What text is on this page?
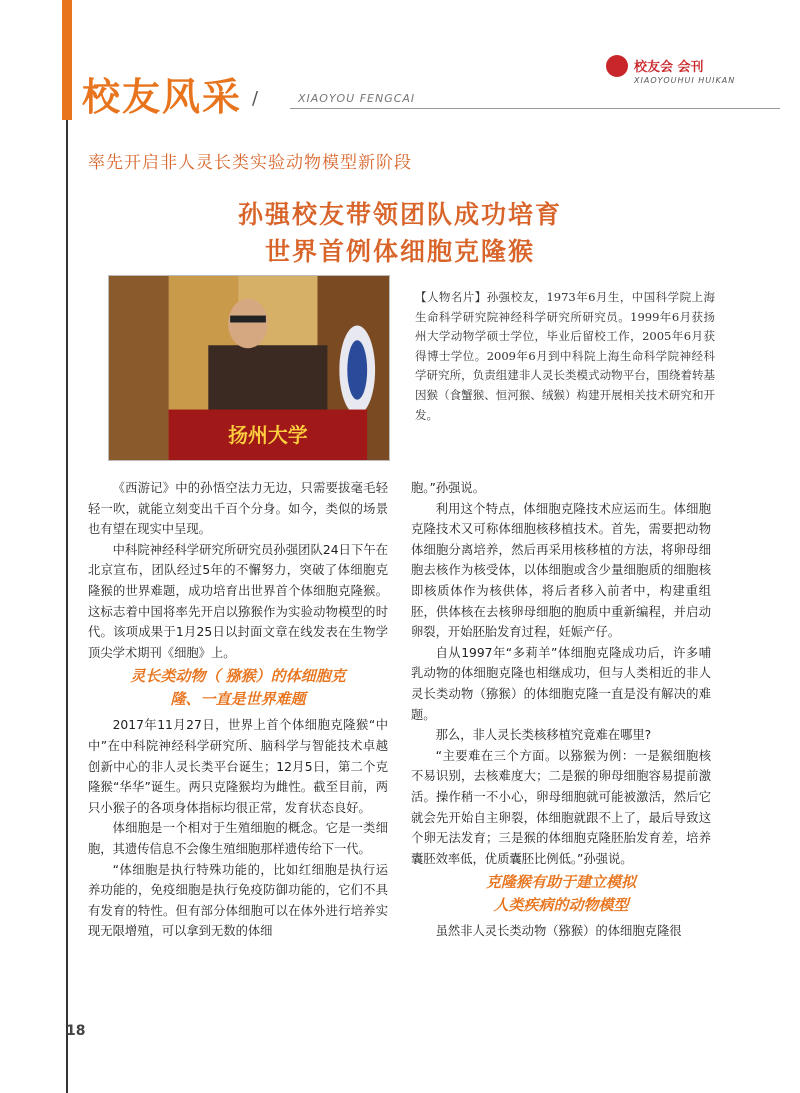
校友风采 /	XIAOYOU FENGCAI
校友会 会刊
XIAOYOUHUI HUIKAN
率先开启非人灵长类实验动物模型新阶段
孙强校友带领团队成功培育
世界首例体细胞克隆猴
扬州大学
【人物名片】孙强校友，1973年6月生，中国科学院上海生命科学研究院神经科学研究所研究员。1999年6月获扬州大学动物学硕士学位，毕业后留校工作，2005年6月获得博士学位。2009年6月到中科院上海生命科学院神经科学研究所，负责组建非人灵长类模式动物平台，围绕着转基因猴（食蟹猴、恒河猴、绒猴）构建开展相关技术研究和开发。

《西游记》中的孙悟空法力无边，只需要拔毫毛轻轻一吹，就能立刻变出千百个分身。如今，类似的场景也有望在现实中呈现。

中科院神经科学研究所研究员孙强团队24日下午在北京宣布，团队经过5年的不懈努力，突破了体细胞克隆猴的世界难题，成功培育出世界首个体细胞克隆猴。这标志着中国将率先开启以猕猴作为实验动物模型的时代。该项成果于1月25日以封面文章在线发表在生物学顶尖学术期刊《细胞》上。

灵长类动物（ 猕猴）的体细胞克
隆、一直是世界难题

2017年11月27日，世界上首个体细胞克隆猴“中中”在中科院神经科学研究所、脑科学与智能技术卓越创新中心的非人灵长类平台诞生；12月5日，第二个克隆猴“华华”诞生。两只克隆猴均为雌性。截至目前，两只小猴子的各项身体指标均很正常，发育状态良好。

体细胞是一个相对于生殖细胞的概念。它是一类细胞，其遗传信息不会像生殖细胞那样遗传给下一代。

“体细胞是执行特殊功能的，比如红细胞是执行运养功能的，免疫细胞是执行免疫防御功能的，它们不具有发育的特性。但有部分体细胞可以在体外进行培养实现无限增殖，可以拿到无数的体细

胞。”孙强说。

利用这个特点，体细胞克隆技术应运而生。体细胞克隆技术又可称体细胞核移植技术。首先，需要把动物体细胞分离培养，然后再采用核移植的方法，将卵母细胞去核作为核受体，以体细胞或含少量细胞质的细胞核即核质体作为核供体，将后者移入前者中，构建重组胚，供体核在去核卵母细胞的胞质中重新编程，并启动卵裂，开始胚胎发育过程，妊娠产仔。

自从1997年“多莉羊”体细胞克隆成功后，许多哺乳动物的体细胞克隆也相继成功，但与人类相近的非人灵长类动物（猕猴）的体细胞克隆一直是没有解决的难题。

那么，非人灵长类核移植究竟难在哪里?

“主要难在三个方面。以猕猴为例：一是猴细胞核不易识别，去核难度大；二是猴的卵母细胞容易提前激活。操作稍一不小心，卵母细胞就可能被激活，然后它就会先开始自主卵裂，体细胞就跟不上了，最后导致这个卵无法发育；三是猴的体细胞克隆胚胎发育差，培养囊胚效率低，优质囊胚比例低。”孙强说。

克隆猴有助于建立模拟
人类疾病的动物模型

虽然非人灵长类动物（猕猴）的体细胞克隆很

18
